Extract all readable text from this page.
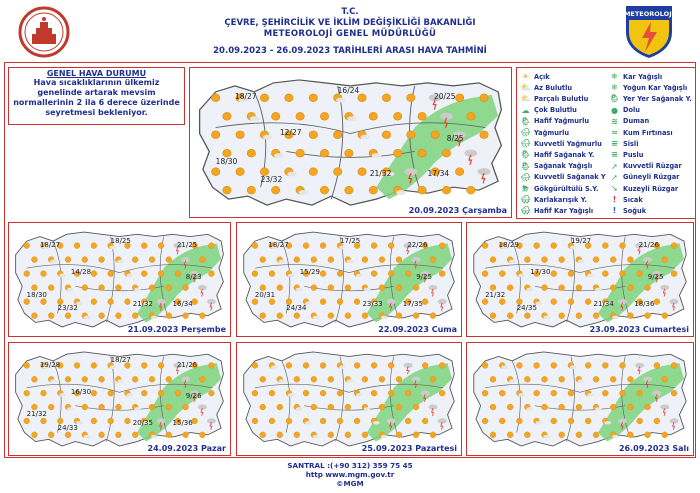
T.C.
ÇEVRE, ŞEHİRCİLİK VE İKLİM DEĞİŞİKLİĞİ BAKANLIĞI
METEOROLOJİ GENEL MÜDÜRLÜĞÜ
20.09.2023 - 26.09.2023 TARİHLERİ ARASI HAVA TAHMİNİ
METEOROLOJİ
GENEL HAVA DURUMU
Hava sıcaklıklarının ülkemiz genelinde artarak mevsim normallerinin 2 ila 6 derece üzerinde seyretmesi bekleniyor.
20.09.2023 Çarşamba
18/27
16/24
20/25
12/27
8/25
18/30
21/32	17/34
23/32
☀ Açık
⛅ Az Bulutlu
⛅ Parçalı Bulutlu
☁ Çok Bulutlu
🌦 Hafif Yağmurlu
🌧 Yağmurlu
🌧 Kuvvetli Yağmurlu
🌦 Hafif Sağanak Y.
🌦 Sağanak Yağışlı
🌧 Kuvvetli Sağanak Y
⛈ Gökgürültülü S.Y.
🌨 Karlakarışık Y.
🌨 Hafif Kar Yağışlı
❄ Kar Yağışlı
❄ Yoğun Kar Yağışlı
🌦 Yer Yer Sağanak Y.
● Dolu
≋ Duman
≈ Kum Fırtınası
≡ Sisli
≡ Puslu
➚ Kuvvetli Rüzgar
➚ Güneyli Rüzgar
➘ Kuzeyli Rüzgar
!	Sıcak
!	Soğuk
21.09.2023 Perşembe
18/27
18/25
21/25
14/28
8/23
18/30
21/32	16/34
23/32
22.09.2023 Cuma
18/27
17/25
22/26
15/29
9/25
20/31
23/33	17/35
24/34
23.09.2023 Cumartesi
18/29
19/27
21/26
17/30
9/25
21/32
21/34	18/36
24/35
24.09.2023 Pazar
19/28
18/27
21/26
16/30
9/26
21/32
20/35	15/36
24/33
25.09.2023 Pazartesi	26.09.2023 Salı
SANTRAL :(+90 312) 359 75 45
http www.mgm.gov.tr
©MGM
